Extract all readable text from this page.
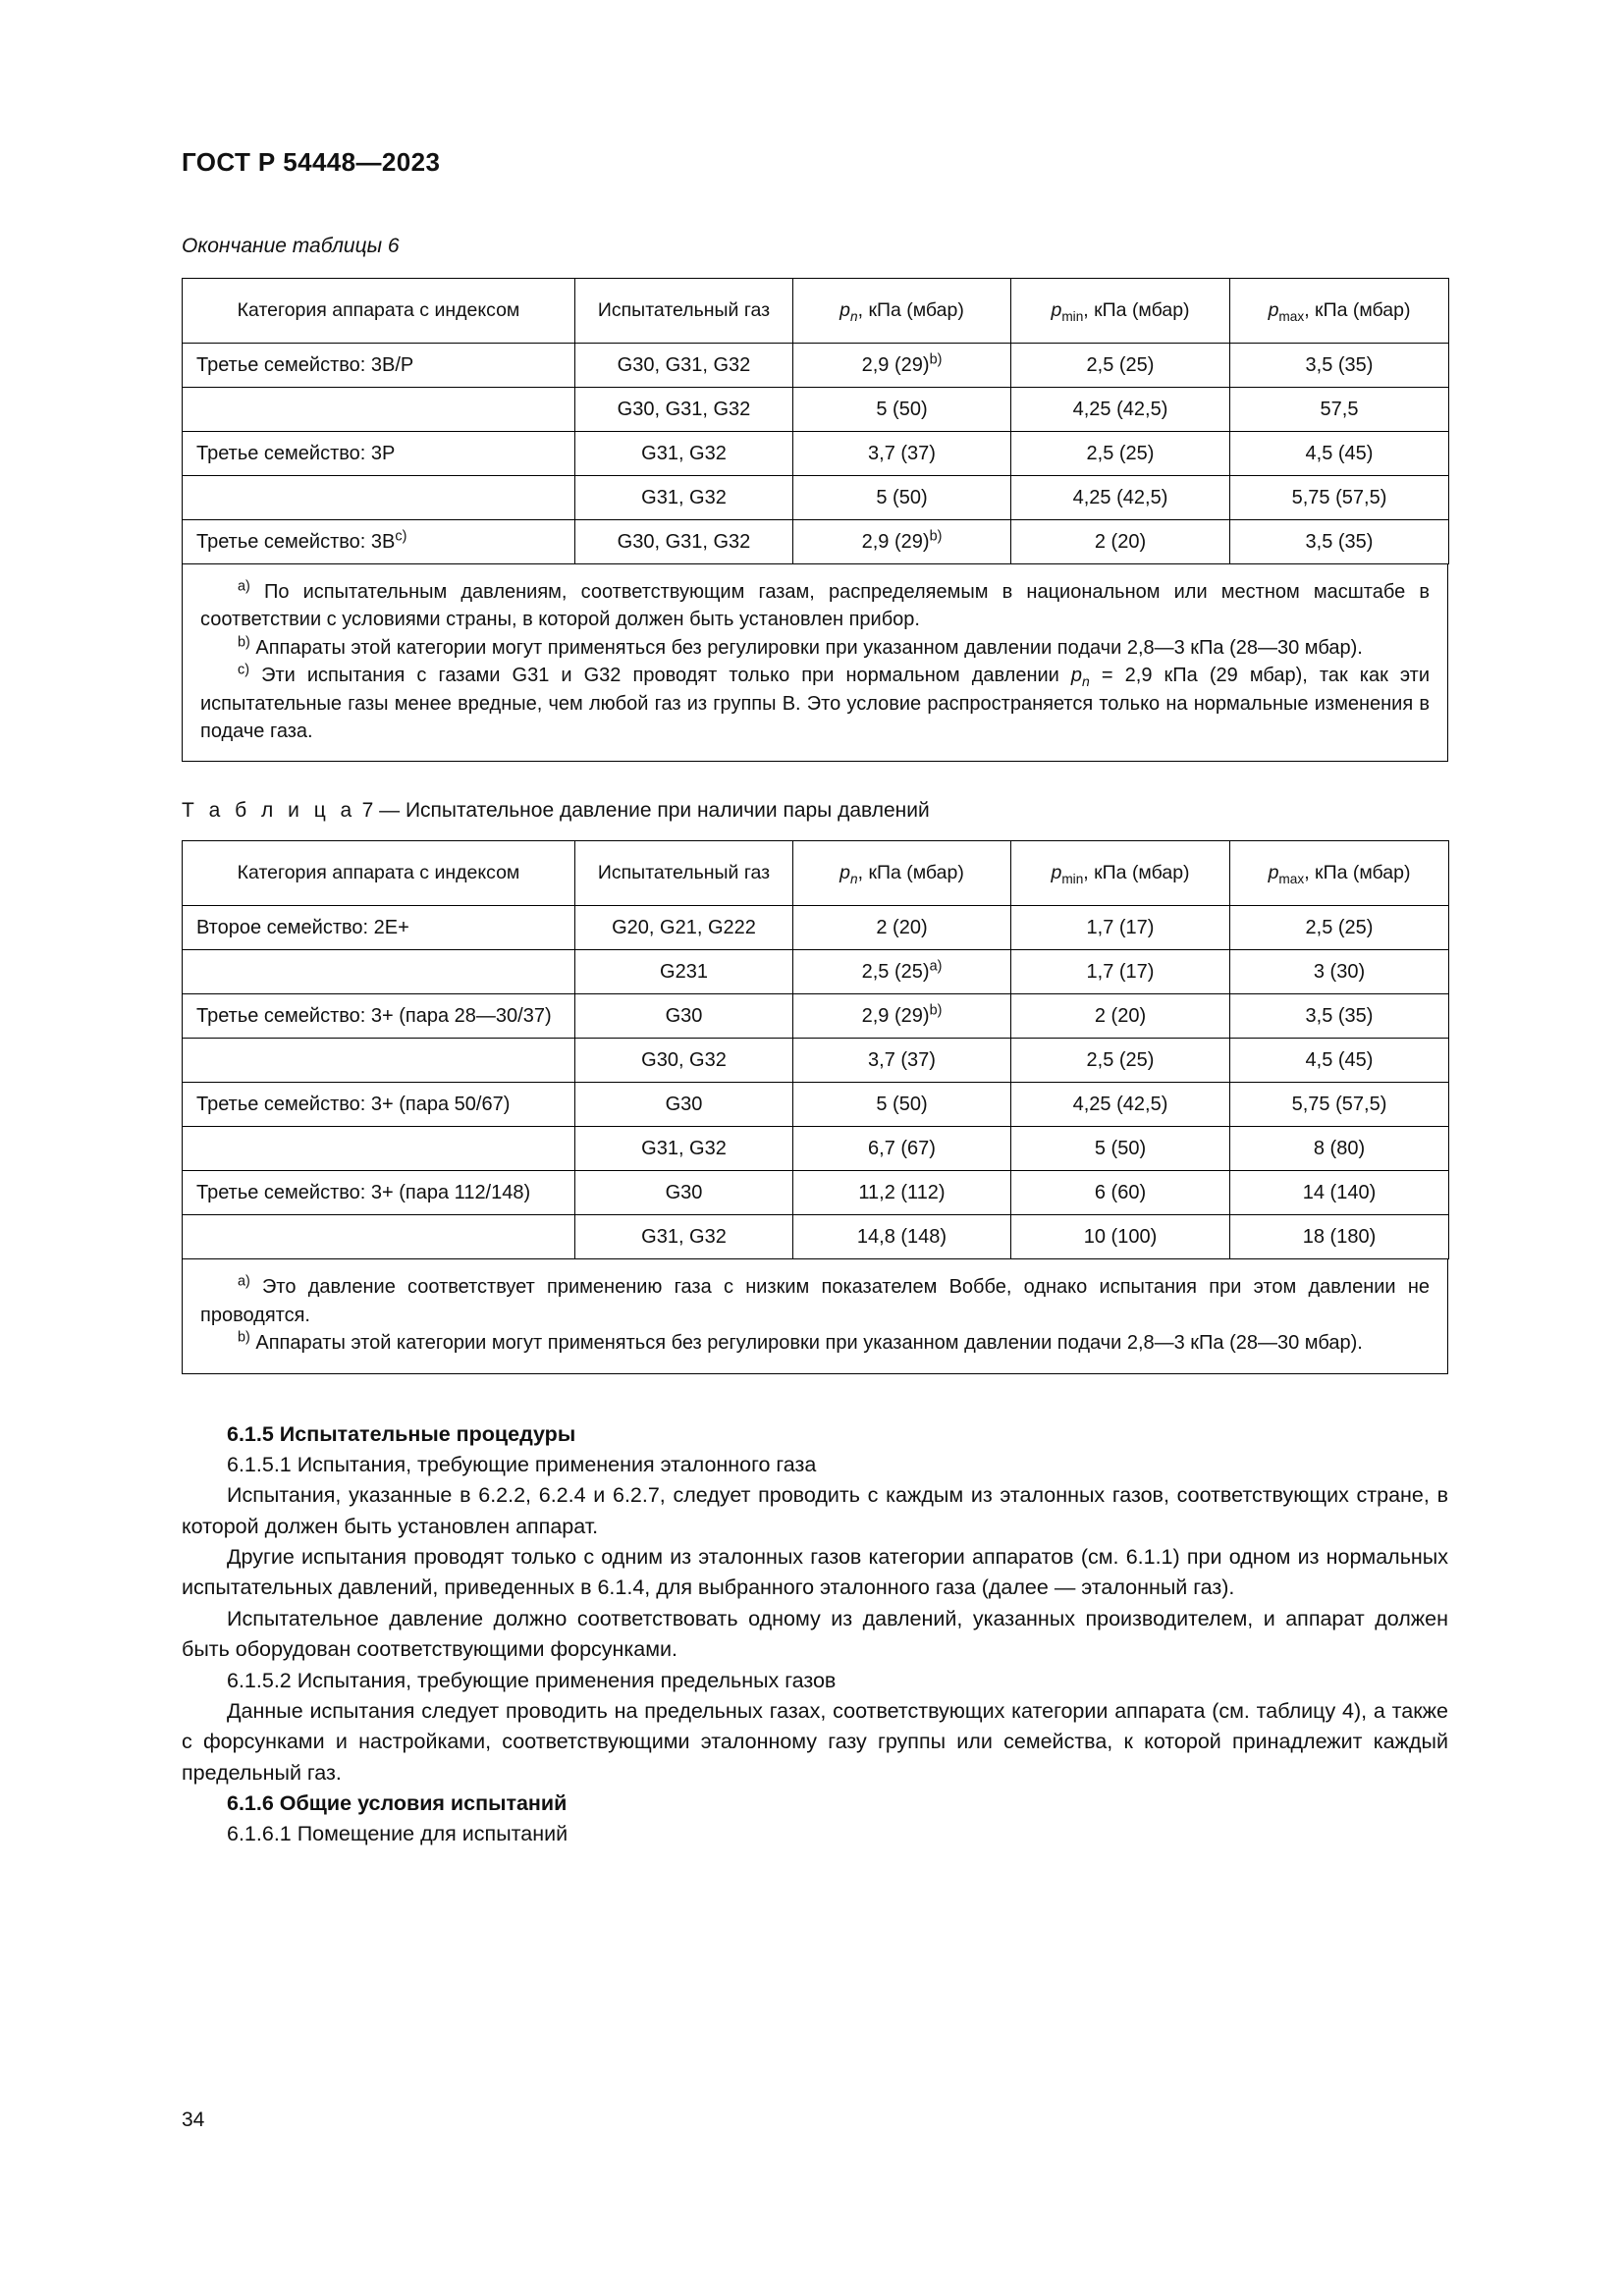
ГОСТ Р 54448—2023
Окончание таблицы 6
Категория аппарата с индексом	Испытательный газ	$p_n$, кПа (мбар)	$p_{min}$, кПа (мбар)	$p_{max}$, кПа (мбар)
Третье семейство: 3B/P	G30, G31, G32	2,9 $(29)^{b)}$	2,5 (25)	3,5 (35)
	G30, G31, G32	5 (50)	4,25 (42,5)	57,5
Третье семейство: 3P	G31, G32	3,7 (37)	2,5 (25)	4,5 (45)
	G31, G32	5 (50)	4,25 (42,5)	5,75 (57,5)
Третье семейство: $3B^{c)}$	G30, G31, G32	2,9 $(29)^{b)}$	2 (20)	3,5 (35)

$^{a)}$ По испытательным давлениям, соответствующим газам, распределяемым в национальном или местном масштабе в соответствии с условиями страны, в которой должен быть установлен прибор.

$^{b)}$ Аппараты этой категории могут применяться без регулировки при указанном давлении подачи 2,8—3 кПа (28—30 мбар).

$^{c)}$ Эти испытания с газами G31 и G32 проводят только при нормальном давлении $p_n = 2,9$ кПа (29 мбар), так как эти испытательные газы менее вредные, чем любой газ из группы B. Это условие распространяется только на нормальные изменения в подаче газа.

Т а б л и ц а 7 — Испытательное давление при наличии пары давлений
Категория аппарата с индексом	Испытательный газ	$p_n$, кПа (мбар)	$p_{min}$, кПа (мбар)	$p_{max}$, кПа (мбар)
Второе семейство: 2E+	G20, G21, G222	2 (20)	1,7 (17)	2,5 (25)
	G231	2,5 $(25)^{a)}$	1,7 (17)	3 (30)
Третье семейство: 3+ (пара 28—30/37)	G30	2,9 $(29)^{b)}$	2 (20)	3,5 (35)
	G30, G32	3,7 (37)	2,5 (25)	4,5 (45)
Третье семейство: 3+ (пара 50/67)	G30	5 (50)	4,25 (42,5)	5,75 (57,5)
	G31, G32	6,7 (67)	5 (50)	8 (80)
Третье семейство: 3+ (пара 112/148)	G30	11,2 (112)	6 (60)	14 (140)
	G31, G32	14,8 (148)	10 (100)	18 (180)

$^{a)}$ Это давление соответствует применению газа с низким показателем Воббе, однако испытания при этом давлении не проводятся.

$^{b)}$ Аппараты этой категории могут применяться без регулировки при указанном давлении подачи 2,8—3 кПа (28—30 мбар).

6.1.5 Испытательные процедуры

6.1.5.1 Испытания, требующие применения эталонного газа

Испытания, указанные в 6.2.2, 6.2.4 и 6.2.7, следует проводить с каждым из эталонных газов, соответствующих стране, в которой должен быть установлен аппарат.

Другие испытания проводят только с одним из эталонных газов категории аппаратов (см. 6.1.1) при одном из нормальных испытательных давлений, приведенных в 6.1.4, для выбранного эталонного газа (далее — эталонный газ).

Испытательное давление должно соответствовать одному из давлений, указанных производителем, и аппарат должен быть оборудован соответствующими форсунками.

6.1.5.2 Испытания, требующие применения предельных газов

Данные испытания следует проводить на предельных газах, соответствующих категории аппарата (см. таблицу 4), а также с форсунками и настройками, соответствующими эталонному газу группы или семейства, к которой принадлежит каждый предельный газ.

6.1.6 Общие условия испытаний

6.1.6.1 Помещение для испытаний

34
